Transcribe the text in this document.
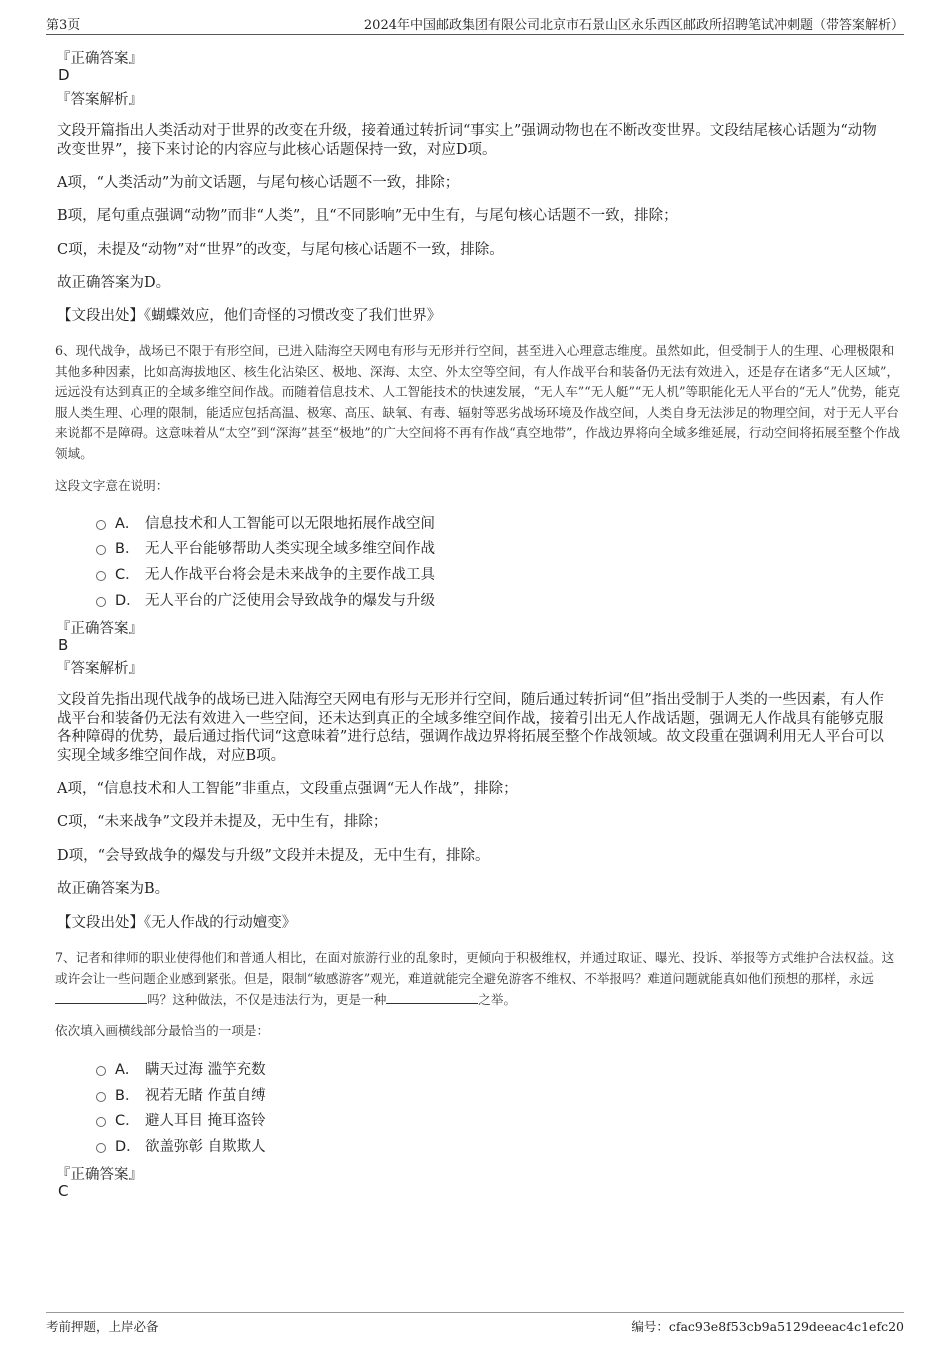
第3页	2024年中国邮政集团有限公司北京市石景山区永乐西区邮政所招聘笔试冲刺题（带答案解析）
『正确答案』
D
『答案解析』
文段开篇指出人类活动对于世界的改变在升级，接着通过转折词“事实上”强调动物也在不断改变世界。文段结尾核心话题为“动物改变世界”，接下来讨论的内容应与此核心话题保持一致，对应D项。
A项，“人类活动”为前文话题，与尾句核心话题不一致，排除；
B项，尾句重点强调“动物”而非“人类”，且“不同影响”无中生有，与尾句核心话题不一致，排除；
C项，未提及“动物”对“世界”的改变，与尾句核心话题不一致，排除。
故正确答案为D。
【文段出处】《蝴蝶效应，他们奇怪的习惯改变了我们世界》
6、现代战争，战场已不限于有形空间，已进入陆海空天网电有形与无形并行空间，甚至进入心理意志维度。虽然如此，但受制于人的生理、心理极限和其他多种因素，比如高海拔地区、核生化沾染区、极地、深海、太空、外太空等空间，有人作战平台和装备仍无法有效进入，还是存在诸多“无人区域”，远远没有达到真正的全域多维空间作战。而随着信息技术、人工智能技术的快速发展，“无人车”“无人艇”“无人机”等职能化无人平台的“无人”优势，能克服人类生理、心理的限制，能适应包括高温、极寒、高压、缺氧、有毒、辐射等恶劣战场环境及作战空间，人类自身无法涉足的物理空间，对于无人平台来说都不是障碍。这意味着从“太空”到“深海”甚至“极地”的广大空间将不再有作战“真空地带”，作战边界将向全域多维延展，行动空间将拓展至整个作战领域。
这段文字意在说明：
A． 信息技术和人工智能可以无限地拓展作战空间
B． 无人平台能够帮助人类实现全域多维空间作战
C． 无人作战平台将会是未来战争的主要作战工具
D． 无人平台的广泛使用会导致战争的爆发与升级
『正确答案』
B
『答案解析』
文段首先指出现代战争的战场已进入陆海空天网电有形与无形并行空间，随后通过转折词“但”指出受制于人类的一些因素，有人作战平台和装备仍无法有效进入一些空间，还未达到真正的全域多维空间作战，接着引出无人作战话题，强调无人作战具有能够克服各种障碍的优势，最后通过指代词“这意味着”进行总结，强调作战边界将拓展至整个作战领域。故文段重在强调利用无人平台可以实现全域多维空间作战，对应B项。
A项，“信息技术和人工智能”非重点，文段重点强调“无人作战”，排除；
C项，“未来战争”文段并未提及，无中生有，排除；
D项，“会导致战争的爆发与升级”文段并未提及，无中生有，排除。
故正确答案为B。
【文段出处】《无人作战的行动嬗变》
7、记者和律师的职业使得他们和普通人相比，在面对旅游行业的乱象时，更倾向于积极维权，并通过取证、曝光、投诉、举报等方式维护合法权益。这或许会让一些问题企业感到紧张。但是，限制“敏感游客”观光，难道就能完全避免游客不维权、不举报吗？难道问题就能真如他们预想的那样，永远吗？这种做法，不仅是违法行为，更是一种	之举。
依次填入画横线部分最恰当的一项是：
A． 瞒天过海 滥竽充数
B． 视若无睹 作茧自缚
C． 避人耳目 掩耳盗铃
D． 欲盖弥彰 自欺欺人
『正确答案』
C
考前押题，上岸必备	编号：cfac93e8f53cb9a5129deeac4c1efc20
